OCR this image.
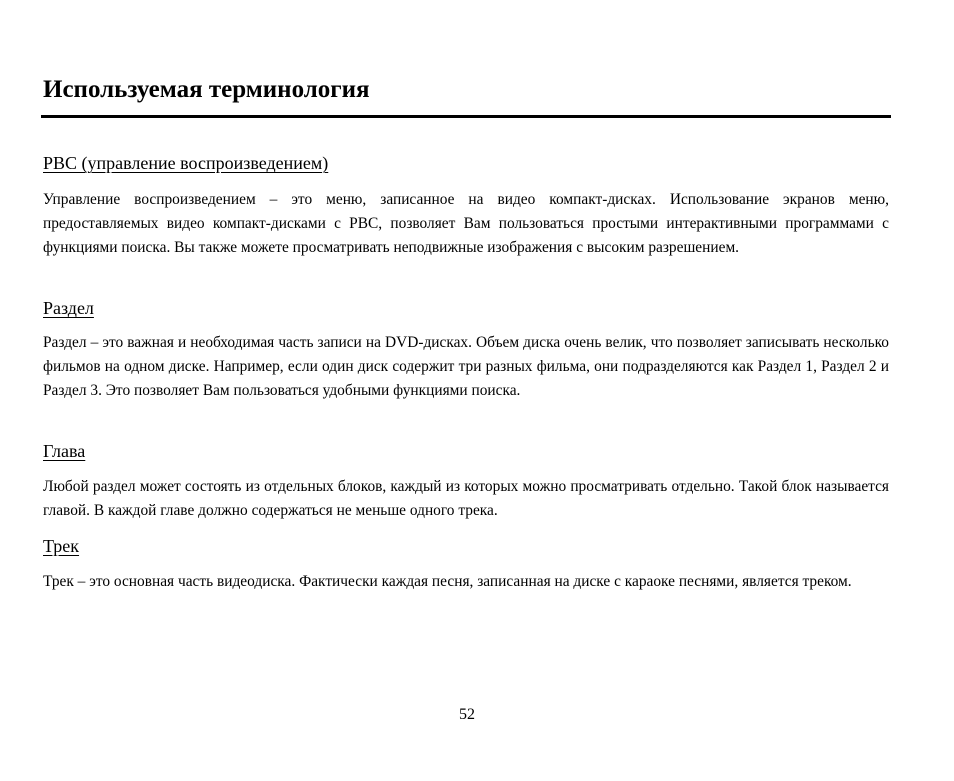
Используемая терминология
PBC (управление воспроизведением)

Управление воспроизведением – это меню, записанное на видео компакт-дисках. Использование экранов меню, предоставляемых видео компакт-дисками с PBC, позволяет Вам пользоваться простыми интерактивными программами с функциями поиска. Вы также можете просматривать неподвижные изображения с высоким разрешением.

Раздел

Раздел – это важная и необходимая часть записи на DVD-дисках. Объем диска очень велик, что позволяет записывать несколько фильмов на одном диске. Например, если один диск содержит три разных фильма, они подразделяются как Раздел 1, Раздел 2 и Раздел 3. Это позволяет Вам пользоваться удобными функциями поиска.

Глава

Любой раздел может состоять из отдельных блоков, каждый из которых можно просматривать отдельно. Такой блок называется главой. В каждой главе должно содержаться не меньше одного трека.

Трек

Трек – это основная часть видеодиска. Фактически каждая песня, записанная на диске с караоке песнями, является треком.

52
